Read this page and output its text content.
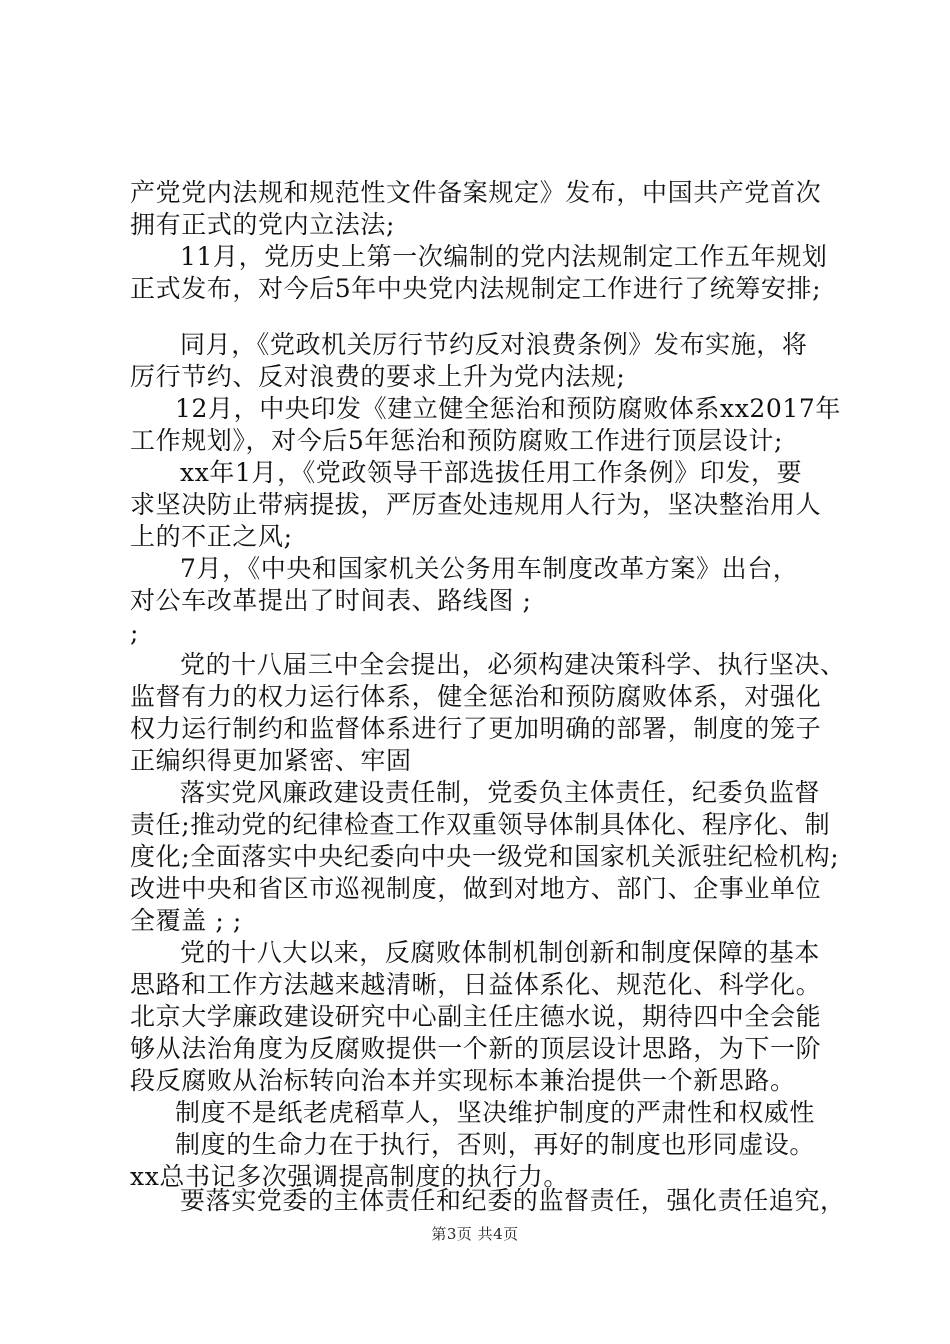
产党党内法规和规范性文件备案规定》发布，中国共产党首次
拥有正式的党内立法法;
11月，党历史上第一次编制的党内法规制定工作五年规划
正式发布，对今后5年中央党内法规制定工作进行了统筹安排;
同月，《党政机关厉行节约反对浪费条例》发布实施，将
厉行节约、反对浪费的要求上升为党内法规;
12月，中央印发《建立健全惩治和预防腐败体系xx2017年
工作规划》，对今后5年惩治和预防腐败工作进行顶层设计;
xx年1月，《党政领导干部选拔任用工作条例》印发，要
求坚决防止带病提拔，严厉查处违规用人行为，坚决整治用人
上的不正之风;
7月，《中央和国家机关公务用车制度改革方案》出台，
对公车改革提出了时间表、路线图 ;
;
党的十八届三中全会提出，必须构建决策科学、执行坚决、
监督有力的权力运行体系，健全惩治和预防腐败体系，对强化
权力运行制约和监督体系进行了更加明确的部署，制度的笼子
正编织得更加紧密、牢固
落实党风廉政建设责任制，党委负主体责任，纪委负监督
责任;推动党的纪律检查工作双重领导体制具体化、程序化、制
度化;全面落实中央纪委向中央一级党和国家机关派驻纪检机构;
改进中央和省区市巡视制度，做到对地方、部门、企事业单位
全覆盖 ; ;
党的十八大以来，反腐败体制机制创新和制度保障的基本
思路和工作方法越来越清晰，日益体系化、规范化、科学化。
北京大学廉政建设研究中心副主任庄德水说，期待四中全会能
够从法治角度为反腐败提供一个新的顶层设计思路，为下一阶
段反腐败从治标转向治本并实现标本兼治提供一个新思路。
制度不是纸老虎稻草人，坚决维护制度的严肃性和权威性
制度的生命力在于执行，否则，再好的制度也形同虚设。
xx总书记多次强调提高制度的执行力。
要落实党委的主体责任和纪委的监督责任，强化责任追究，
第3页 共4页
